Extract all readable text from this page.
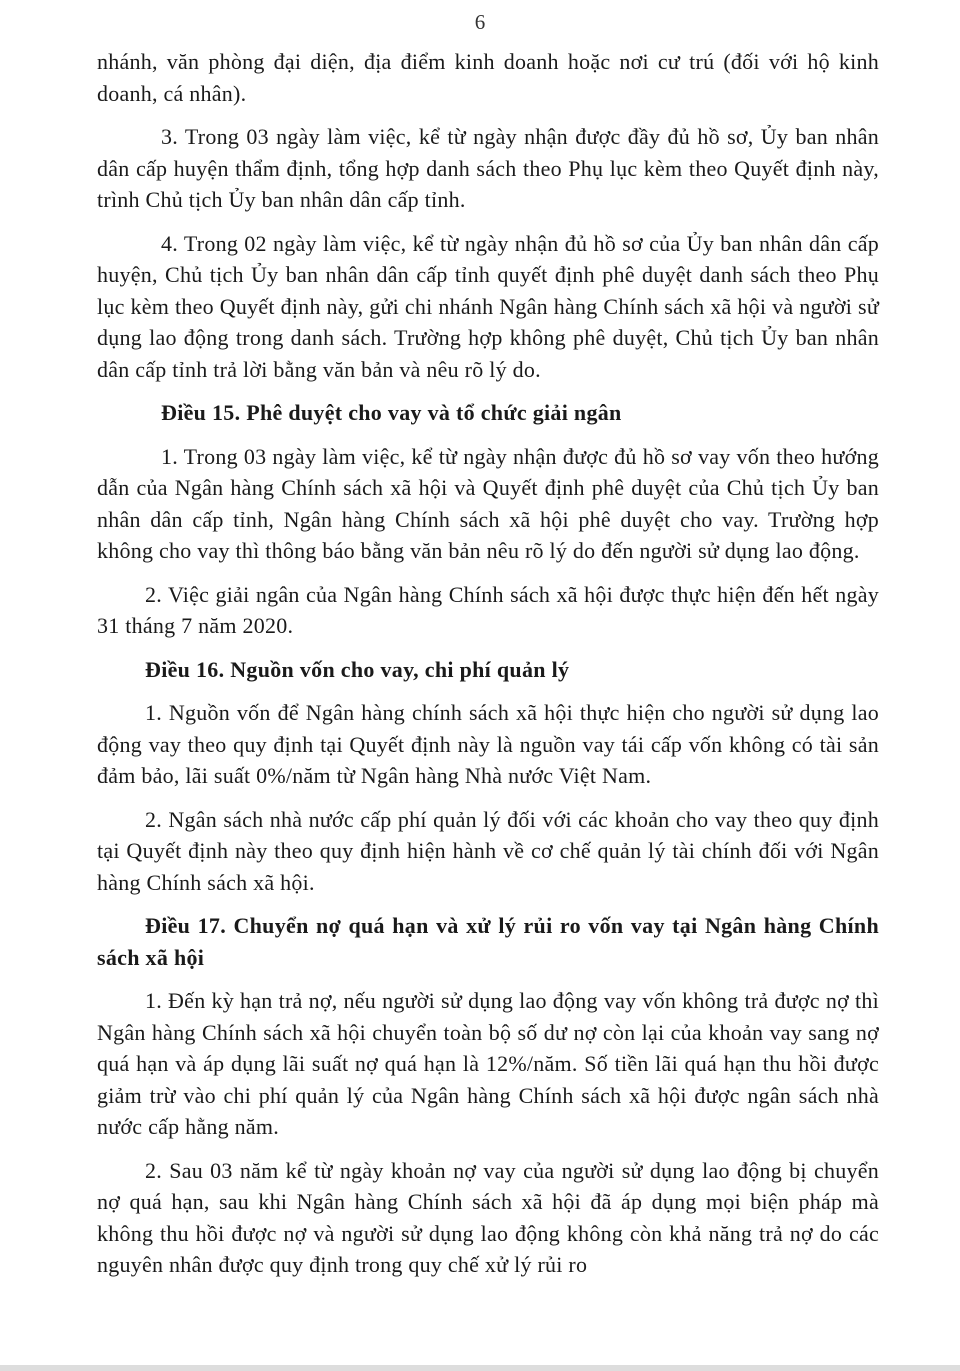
6

nhánh, văn phòng đại diện, địa điểm kinh doanh hoặc nơi cư trú (đối với hộ kinh doanh, cá nhân).

3. Trong 03 ngày làm việc, kể từ ngày nhận được đầy đủ hồ sơ, Ủy ban nhân dân cấp huyện thẩm định, tổng hợp danh sách theo Phụ lục kèm theo Quyết định này, trình Chủ tịch Ủy ban nhân dân cấp tỉnh.

4. Trong 02 ngày làm việc, kể từ ngày nhận đủ hồ sơ của Ủy ban nhân dân cấp huyện, Chủ tịch Ủy ban nhân dân cấp tỉnh quyết định phê duyệt danh sách theo Phụ lục kèm theo Quyết định này, gửi chi nhánh Ngân hàng Chính sách xã hội và người sử dụng lao động trong danh sách. Trường hợp không phê duyệt, Chủ tịch Ủy ban nhân dân cấp tỉnh trả lời bằng văn bản và nêu rõ lý do.

Điều 15. Phê duyệt cho vay và tổ chức giải ngân

1. Trong 03 ngày làm việc, kể từ ngày nhận được đủ hồ sơ vay vốn theo hướng dẫn của Ngân hàng Chính sách xã hội và Quyết định phê duyệt của Chủ tịch Ủy ban nhân dân cấp tỉnh, Ngân hàng Chính sách xã hội phê duyệt cho vay. Trường hợp không cho vay thì thông báo bằng văn bản nêu rõ lý do đến người sử dụng lao động.

2. Việc giải ngân của Ngân hàng Chính sách xã hội được thực hiện đến hết ngày 31 tháng 7 năm 2020.

Điều 16. Nguồn vốn cho vay, chi phí quản lý

1. Nguồn vốn để Ngân hàng chính sách xã hội thực hiện cho người sử dụng lao động vay theo quy định tại Quyết định này là nguồn vay tái cấp vốn không có tài sản đảm bảo, lãi suất 0%/năm từ Ngân hàng Nhà nước Việt Nam.

2. Ngân sách nhà nước cấp phí quản lý đối với các khoản cho vay theo quy định tại Quyết định này theo quy định hiện hành về cơ chế quản lý tài chính đối với Ngân hàng Chính sách xã hội.

Điều 17. Chuyển nợ quá hạn và xử lý rủi ro vốn vay tại Ngân hàng Chính sách xã hội

1. Đến kỳ hạn trả nợ, nếu người sử dụng lao động vay vốn không trả được nợ thì Ngân hàng Chính sách xã hội chuyển toàn bộ số dư nợ còn lại của khoản vay sang nợ quá hạn và áp dụng lãi suất nợ quá hạn là 12%/năm. Số tiền lãi quá hạn thu hồi được giảm trừ vào chi phí quản lý của Ngân hàng Chính sách xã hội được ngân sách nhà nước cấp hằng năm.

2. Sau 03 năm kể từ ngày khoản nợ vay của người sử dụng lao động bị chuyển nợ quá hạn, sau khi Ngân hàng Chính sách xã hội đã áp dụng mọi biện pháp mà không thu hồi được nợ và người sử dụng lao động không còn khả năng trả nợ do các nguyên nhân được quy định trong quy chế xử lý rủi ro
